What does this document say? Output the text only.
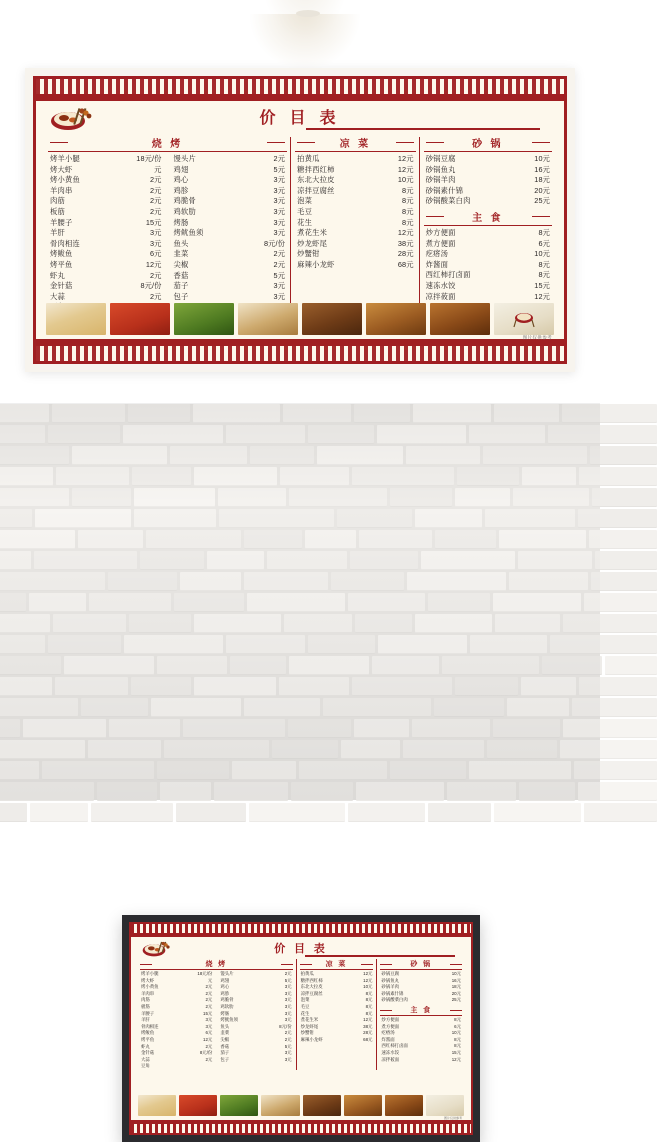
价 目 表
烧 烤
烤羊小腿	18元/份
烤大虾	元
烤小黄鱼	2元
羊肉串	2元
肉筋	2元
板筋	2元
羊腰子	15元
羊肝	3元
骨肉相连	3元
烤鲅鱼	6元
烤平鱼	12元
虾丸	2元
金针菇	8元/份
大蒜	2元
馒头片	2元
鸡翅	5元
鸡心	3元
鸡胗	3元
鸡脆骨	3元
鸡软肋	3元
烤肠	3元
烤鱿鱼须	3元
鱼头	8元/份
韭菜	2元
尖椒	2元
香菇	5元
茄子	3元
包子	3元
凉 菜
拍黄瓜	12元
糖拌西红柿	12元
东北大拉皮	10元
凉拌豆腐丝	8元
泡菜	8元
毛豆	8元
花生	8元
煮花生米	12元
炒龙虾尾	38元
炒蟹钳	28元
麻辣小龙虾	68元
砂 锅
砂锅豆腐	10元
砂锅鱼丸	16元
砂锅羊肉	18元
砂锅素什锦	20元
砂锅酸菜白肉	25元
主 食
炒方便面	8元
煮方便面	6元
疙瘩汤	10元
炸酱面	8元
西红柿打卤面	8元
速冻水饺	15元
凉拌莜面	12元
图片仅供参考
价 目 表
烧 烤
烤羊小腿	18元/份
烤大虾	元
烤小黄鱼	2元
羊肉串	2元
肉筋	2元
板筋	2元
羊腰子	15元
羊肝	3元
骨肉相连	3元
烤鲅鱼	6元
烤平鱼	12元
虾丸	2元
金针菇	8元/份
大蒜	2元
豆角
馒头片	2元
鸡翅	5元
鸡心	3元
鸡胗	3元
鸡脆骨	3元
鸡软肋	3元
烤肠	3元
烤鱿鱼须	3元
鱼头	8元/份
韭菜	2元
尖椒	2元
香菇	5元
茄子	3元
包子	3元
凉 菜
拍黄瓜	12元
糖拌西红柿	12元
东北大拉皮	10元
凉拌豆腐丝	8元
泡菜	8元
毛豆	8元
花生	8元
煮花生米	12元
炒龙虾尾	38元
炒蟹钳	28元
麻辣小龙虾	68元
砂 锅
砂锅豆腐	10元
砂锅鱼丸	16元
砂锅羊肉	18元
砂锅素什锦	20元
砂锅酸菜白肉	25元
主 食
炒方便面	8元
煮方便面	6元
疙瘩汤	10元
炸酱面	8元
西红柿打卤面	8元
速冻水饺	15元
凉拌莜面	12元
图片仅供参考
